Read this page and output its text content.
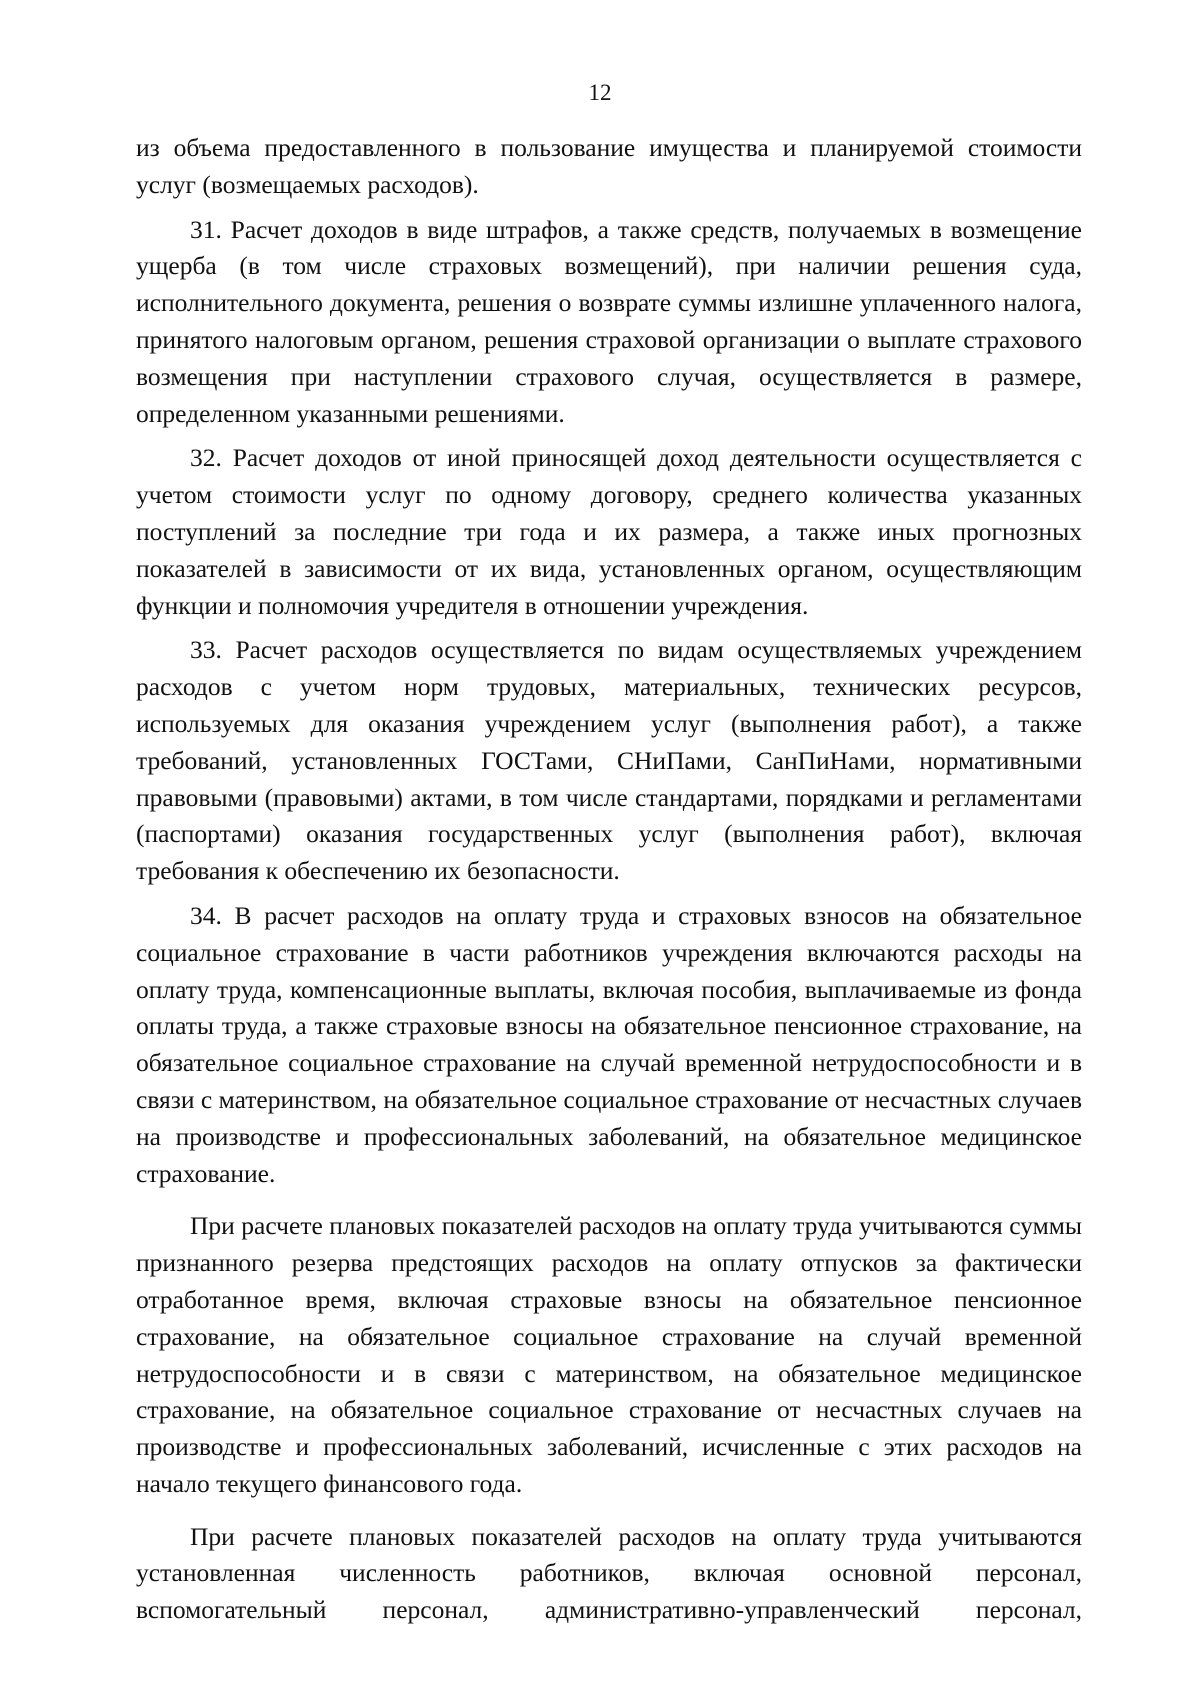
12

из объема предоставленного в пользование имущества и планируемой стоимости услуг (возмещаемых расходов).

31. Расчет доходов в виде штрафов, а также средств, получаемых в возмещение ущерба (в том числе страховых возмещений), при наличии решения суда, исполнительного документа, решения о возврате суммы излишне уплаченного налога, принятого налоговым органом, решения страховой организации о выплате страхового возмещения при наступлении страхового случая, осуществляется в размере, определенном указанными решениями.

32. Расчет доходов от иной приносящей доход деятельности осуществляется с учетом стоимости услуг по одному договору, среднего количества указанных поступлений за последние три года и их размера, а также иных прогнозных показателей в зависимости от их вида, установленных органом, осуществляющим функции и полномочия учредителя в отношении учреждения.

33. Расчет расходов осуществляется по видам осуществляемых учреждением расходов с учетом норм трудовых, материальных, технических ресурсов, используемых для оказания учреждением услуг (выполнения работ), а также требований, установленных ГОСТами, СНиПами, СанПиНами, нормативными правовыми (правовыми) актами, в том числе стандартами, порядками и регламентами (паспортами) оказания государственных услуг (выполнения работ), включая требования к обеспечению их безопасности.

34. В расчет расходов на оплату труда и страховых взносов на обязательное социальное страхование в части работников учреждения включаются расходы на оплату труда, компенсационные выплаты, включая пособия, выплачиваемые из фонда оплаты труда, а также страховые взносы на обязательное пенсионное страхование, на обязательное социальное страхование на случай временной нетрудоспособности и в связи с материнством, на обязательное социальное страхование от несчастных случаев на производстве и профессиональных заболеваний, на обязательное медицинское страхование.

При расчете плановых показателей расходов на оплату труда учитываются суммы признанного резерва предстоящих расходов на оплату отпусков за фактически отработанное время, включая страховые взносы на обязательное пенсионное страхование, на обязательное социальное страхование на случай временной нетрудоспособности и в связи с материнством, на обязательное медицинское страхование, на обязательное социальное страхование от несчастных случаев на производстве и профессиональных заболеваний, исчисленные с этих расходов на начало текущего финансового года.

При расчете плановых показателей расходов на оплату труда учитываются установленная численность работников, включая основной персонал, вспомогательный персонал, административно-управленческий персонал,
